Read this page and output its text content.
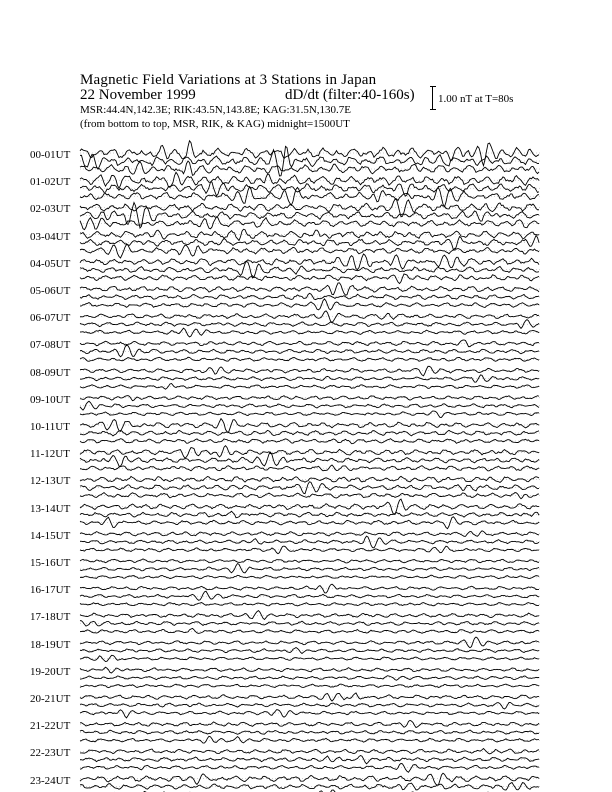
Magnetic Field Variations at 3 Stations in Japan
22 November 1999	dD/dt (filter:40-160s)
MSR:44.4N,142.3E; RIK:43.5N,143.8E; KAG:31.5N,130.7E
(from bottom to top, MSR, RIK, & KAG) midnight=1500UT
1.00 nT at T=80s
00-01UT
01-02UT
02-03UT
03-04UT
04-05UT
05-06UT
06-07UT
07-08UT
08-09UT
09-10UT
10-11UT
11-12UT
12-13UT
13-14UT
14-15UT
15-16UT
16-17UT
17-18UT
18-19UT
19-20UT
20-21UT
21-22UT
22-23UT
23-24UT
